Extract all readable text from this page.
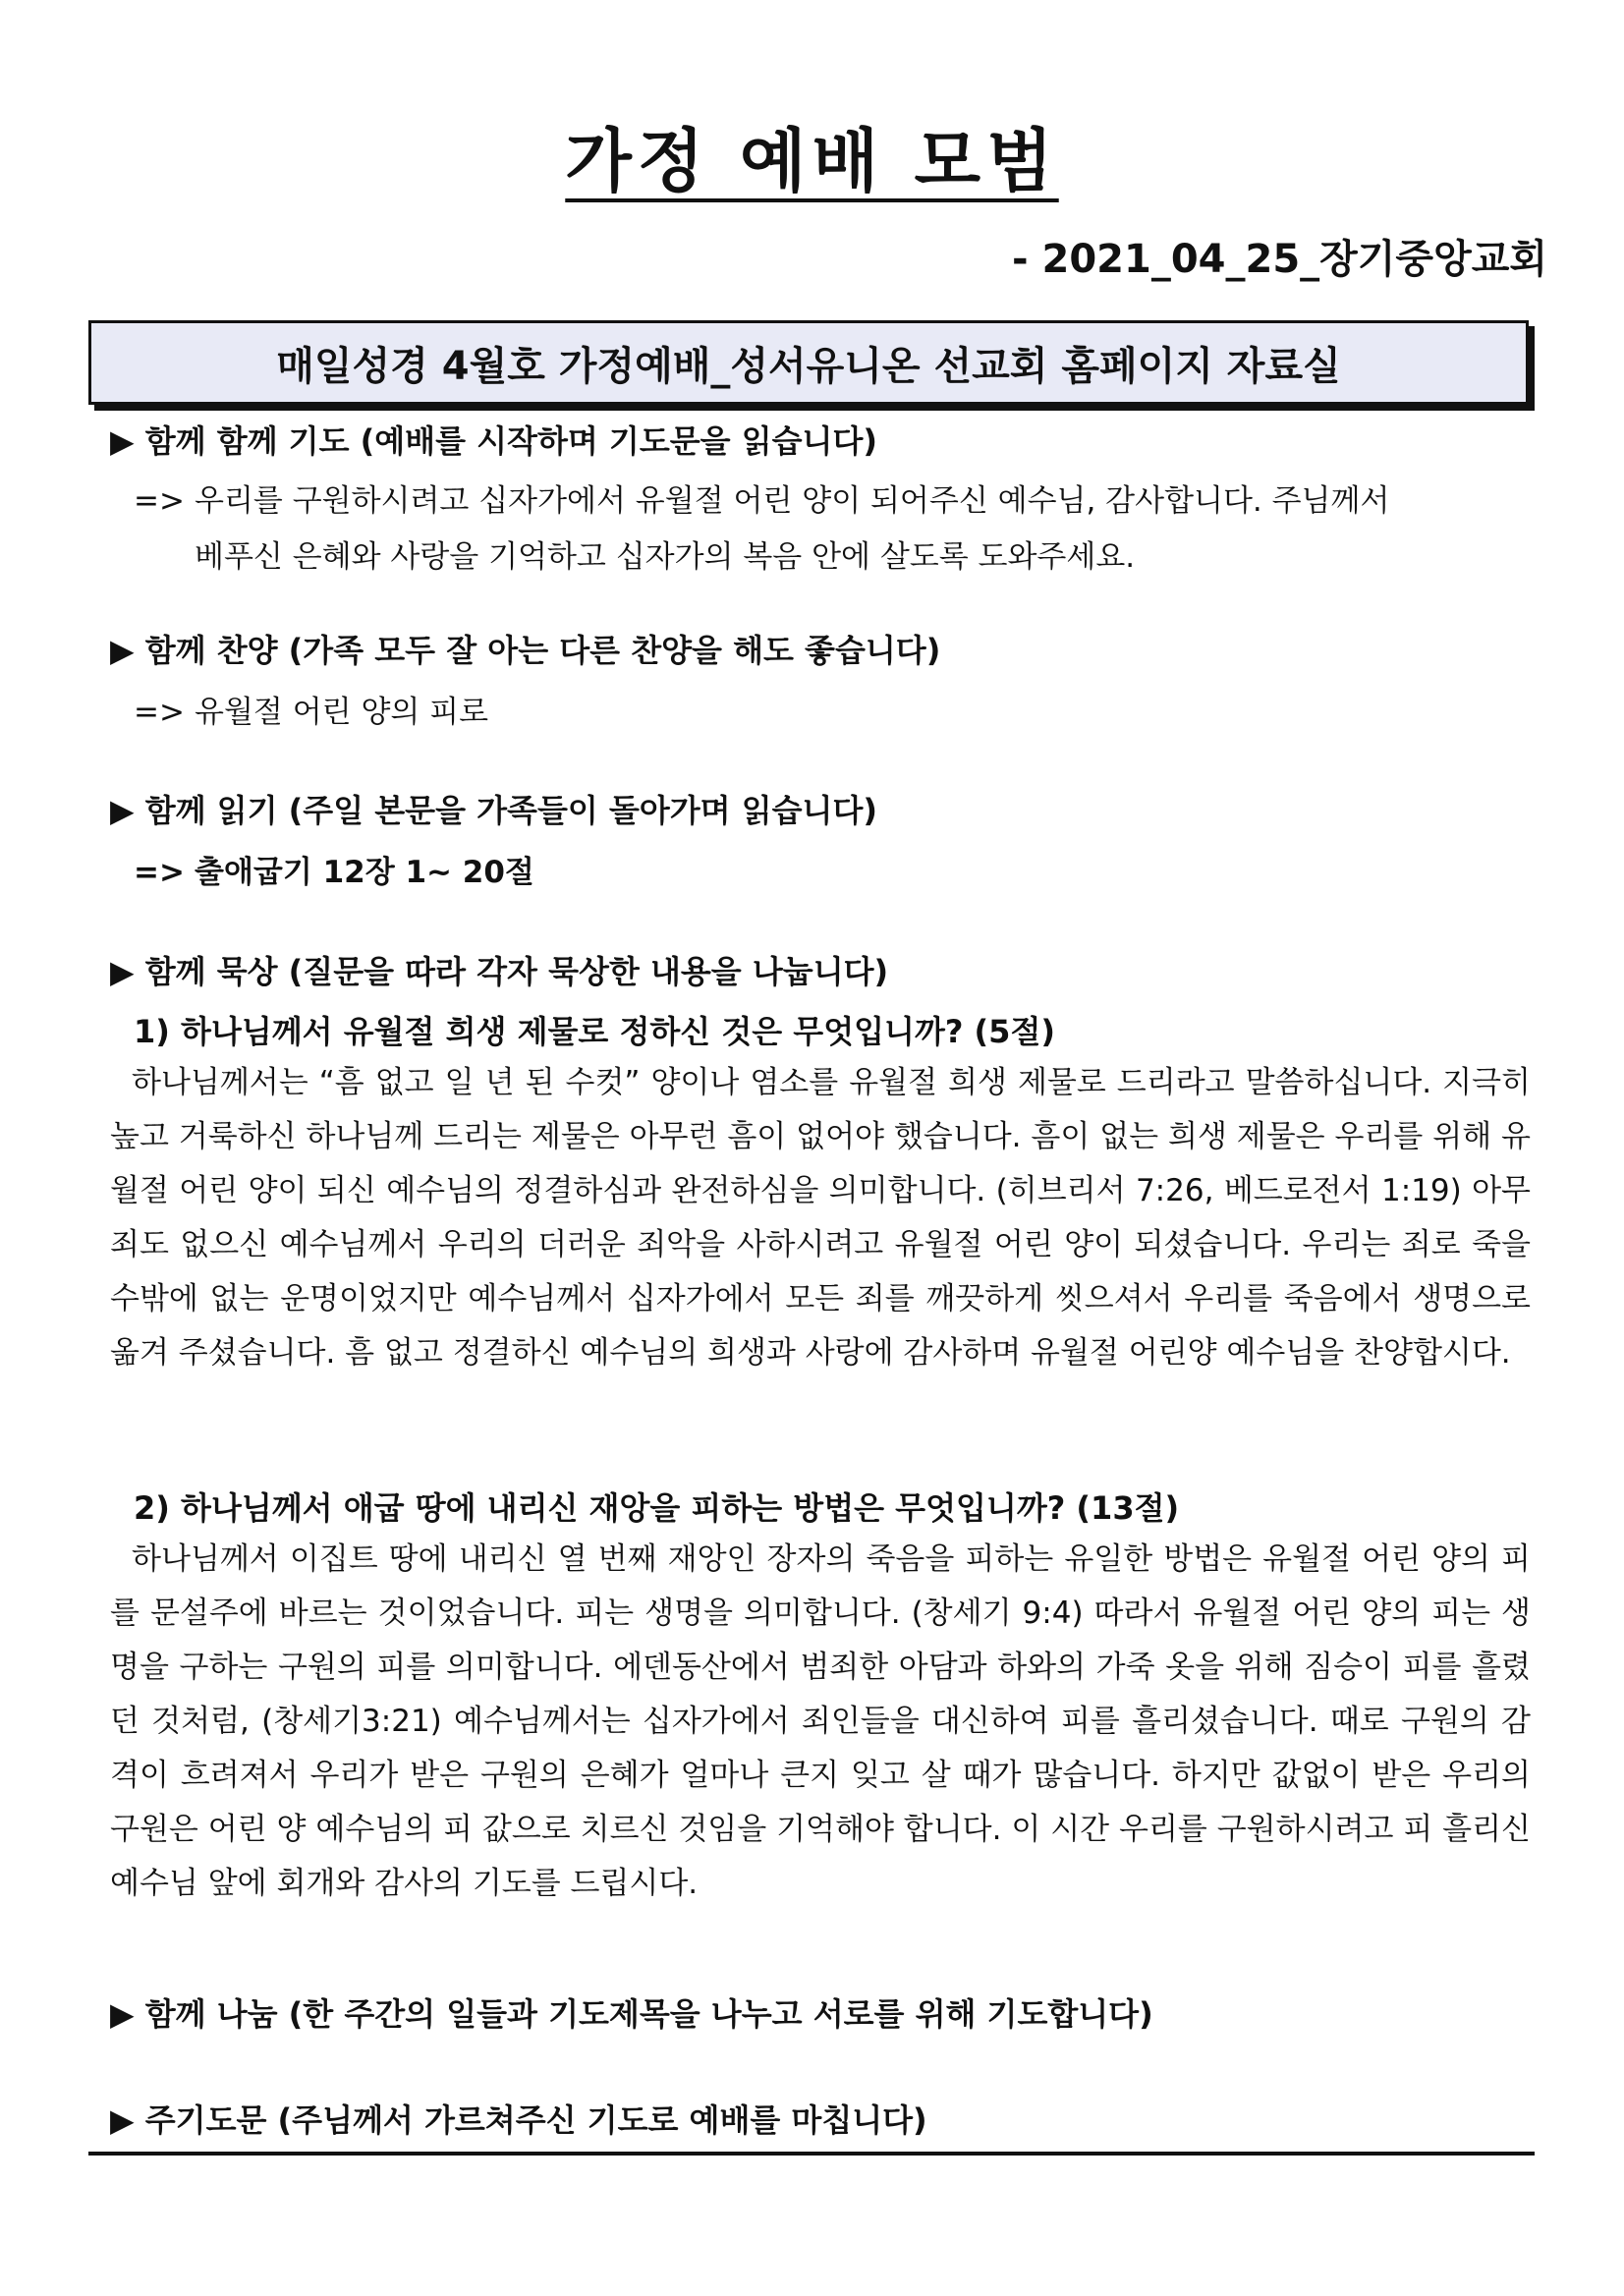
가정 예배 모범
- 2021_04_25_장기중앙교회
매일성경 4월호 가정예배_성서유니온 선교회 홈페이지 자료실
▶ 함께 함께 기도 (예배를 시작하며 기도문을 읽습니다)
=> 우리를 구원하시려고 십자가에서 유월절 어린 양이 되어주신 예수님, 감사합니다. 주님께서
베푸신 은혜와 사랑을 기억하고 십자가의 복음 안에 살도록 도와주세요.
▶ 함께 찬양 (가족 모두 잘 아는 다른 찬양을 해도 좋습니다)
=> 유월절 어린 양의 피로
▶ 함께 읽기 (주일 본문을 가족들이 돌아가며 읽습니다)
=> 출애굽기 12장 1~ 20절
▶ 함께 묵상 (질문을 따라 각자 묵상한 내용을 나눕니다)
1) 하나님께서 유월절 희생 제물로 정하신 것은 무엇입니까? (5절)
하나님께서는 “흠 없고 일 년 된 수컷” 양이나 염소를 유월절 희생 제물로 드리라고 말씀하십니다. 지극히 높고 거룩하신 하나님께 드리는 제물은 아무런 흠이 없어야 했습니다. 흠이 없는 희생 제물은 우리를 위해 유월절 어린 양이 되신 예수님의 정결하심과 완전하심을 의미합니다. (히브리서 7:26, 베드로전서 1:19) 아무 죄도 없으신 예수님께서 우리의 더러운 죄악을 사하시려고 유월절 어린 양이 되셨습니다. 우리는 죄로 죽을 수밖에 없는 운명이었지만 예수님께서 십자가에서 모든 죄를 깨끗하게 씻으셔서 우리를 죽음에서 생명으로 옮겨 주셨습니다. 흠 없고 정결하신 예수님의 희생과 사랑에 감사하며 유월절 어린양 예수님을 찬양합시다.
2) 하나님께서 애굽 땅에 내리신 재앙을 피하는 방법은 무엇입니까? (13절)
하나님께서 이집트 땅에 내리신 열 번째 재앙인 장자의 죽음을 피하는 유일한 방법은 유월절 어린 양의 피를 문설주에 바르는 것이었습니다. 피는 생명을 의미합니다. (창세기 9:4) 따라서 유월절 어린 양의 피는 생명을 구하는 구원의 피를 의미합니다. 에덴동산에서 범죄한 아담과 하와의 가죽 옷을 위해 짐승이 피를 흘렸던 것처럼, (창세기3:21) 예수님께서는 십자가에서 죄인들을 대신하여 피를 흘리셨습니다. 때로 구원의 감격이 흐려져서 우리가 받은 구원의 은혜가 얼마나 큰지 잊고 살 때가 많습니다. 하지만 값없이 받은 우리의 구원은 어린 양 예수님의 피 값으로 치르신 것임을 기억해야 합니다. 이 시간 우리를 구원하시려고 피 흘리신 예수님 앞에 회개와 감사의 기도를 드립시다.
▶ 함께 나눔 (한 주간의 일들과 기도제목을 나누고 서로를 위해 기도합니다)
▶ 주기도문 (주님께서 가르쳐주신 기도로 예배를 마칩니다)
